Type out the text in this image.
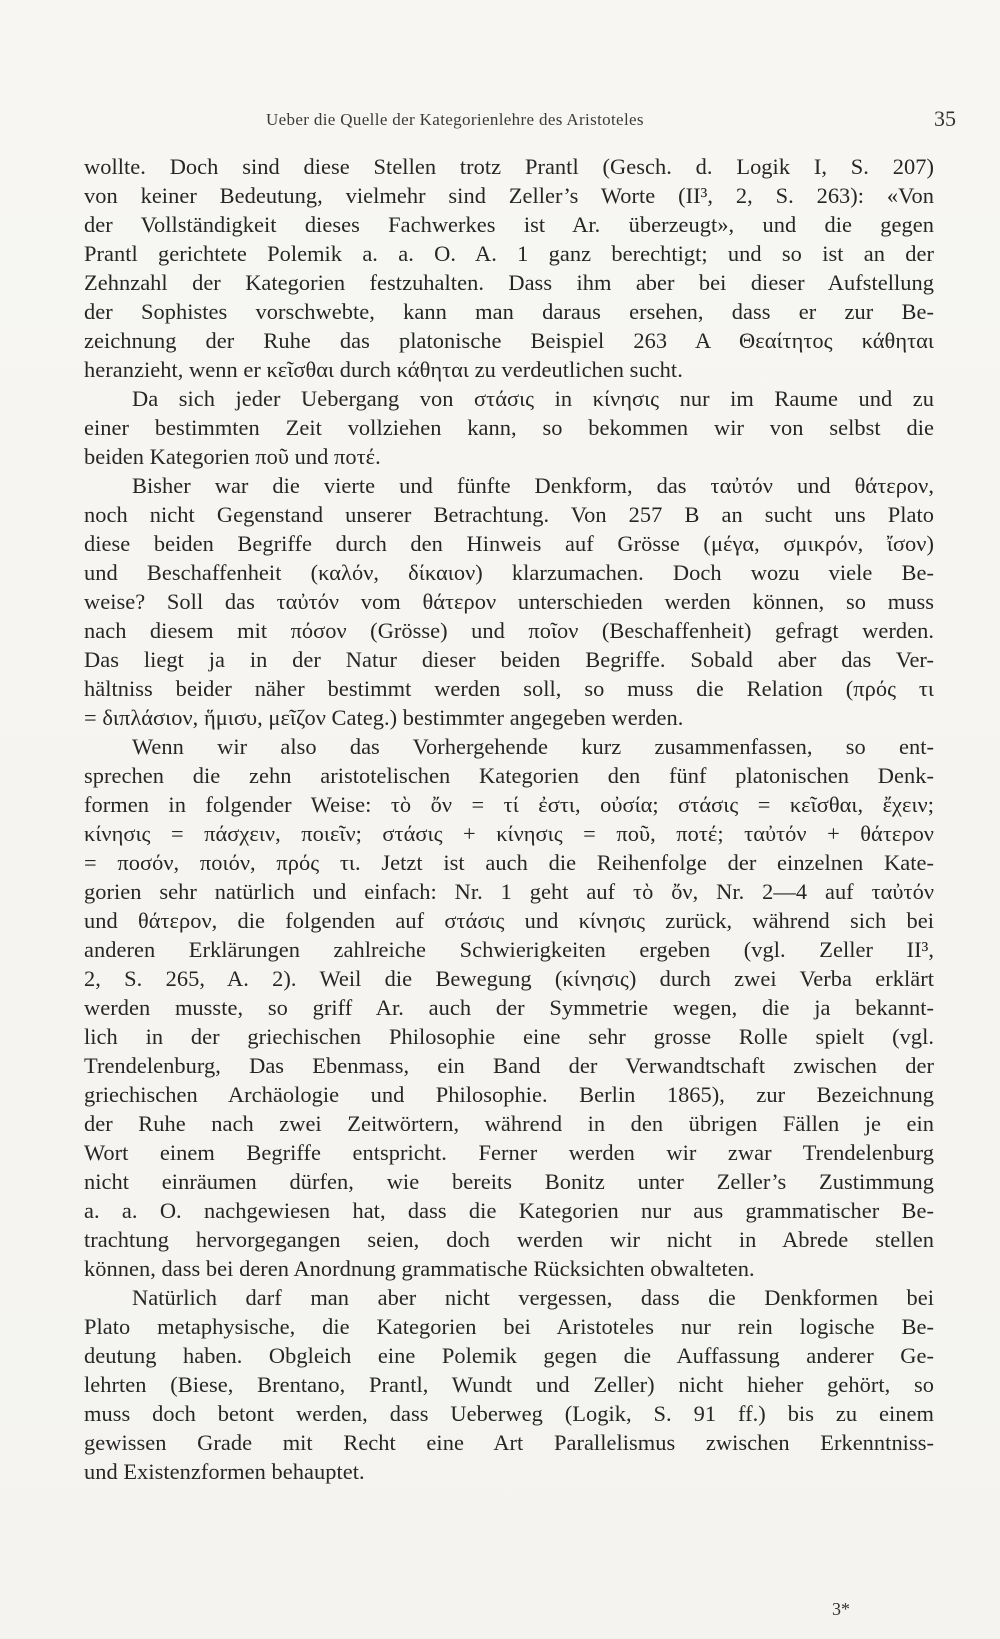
Ueber die Quelle der Kategorienlehre des Aristoteles	35
wollte. Doch sind diese Stellen trotz Prantl (Gesch. d. Logik I, S. 207)
von keiner Bedeutung, vielmehr sind Zeller’s Worte (II³, 2, S. 263): «Von
der Vollständigkeit dieses Fachwerkes ist Ar. überzeugt», und die gegen
Prantl gerichtete Polemik a. a. O. A. 1 ganz berechtigt; und so ist an der
Zehnzahl der Kategorien festzuhalten. Dass ihm aber bei dieser Aufstellung
der Sophistes vorschwebte, kann man daraus ersehen, dass er zur Be-
zeichnung der Ruhe das platonische Beispiel 263 A Θεαίτητος κάθηται
heranzieht, wenn er κεῖσθαι durch κάθηται zu verdeutlichen sucht.
Da sich jeder Uebergang von στάσις in κίνησις nur im Raume und zu
einer bestimmten Zeit vollziehen kann, so bekommen wir von selbst die
beiden Kategorien ποῦ und ποτέ.
Bisher war die vierte und fünfte Denkform, das ταὐτόν und θάτερον,
noch nicht Gegenstand unserer Betrachtung. Von 257 B an sucht uns Plato
diese beiden Begriffe durch den Hinweis auf Grösse (μέγα, σμικρόν, ἴσον)
und Beschaffenheit (καλόν, δίκαιον) klarzumachen. Doch wozu viele Be-
weise? Soll das ταὐτόν vom θάτερον unterschieden werden können, so muss
nach diesem mit πόσον (Grösse) und ποῖον (Beschaffenheit) gefragt werden.
Das liegt ja in der Natur dieser beiden Begriffe. Sobald aber das Ver-
hältniss beider näher bestimmt werden soll, so muss die Relation (πρός τι
= διπλάσιον, ἥμισυ, μεῖζον Categ.) bestimmter angegeben werden.
Wenn wir also das Vorhergehende kurz zusammenfassen, so ent-
sprechen die zehn aristotelischen Kategorien den fünf platonischen Denk-
formen in folgender Weise: τὸ ὄν = τί ἐστι, οὐσία; στάσις = κεῖσθαι, ἔχειν;
κίνησις = πάσχειν, ποιεῖν; στάσις + κίνησις = ποῦ, ποτέ; ταὐτόν + θάτερον
= ποσόν, ποιόν, πρός τι. Jetzt ist auch die Reihenfolge der einzelnen Kate-
gorien sehr natürlich und einfach: Nr. 1 geht auf τὸ ὄν, Nr. 2—4 auf ταὐτόν
und θάτερον, die folgenden auf στάσις und κίνησις zurück, während sich bei
anderen Erklärungen zahlreiche Schwierigkeiten ergeben (vgl. Zeller II³,
2, S. 265, A. 2). Weil die Bewegung (κίνησις) durch zwei Verba erklärt
werden musste, so griff Ar. auch der Symmetrie wegen, die ja bekannt-
lich in der griechischen Philosophie eine sehr grosse Rolle spielt (vgl.
Trendelenburg, Das Ebenmass, ein Band der Verwandtschaft zwischen der
griechischen Archäologie und Philosophie. Berlin 1865), zur Bezeichnung
der Ruhe nach zwei Zeitwörtern, während in den übrigen Fällen je ein
Wort einem Begriffe entspricht. Ferner werden wir zwar Trendelenburg
nicht einräumen dürfen, wie bereits Bonitz unter Zeller’s Zustimmung
a. a. O. nachgewiesen hat, dass die Kategorien nur aus grammatischer Be-
trachtung hervorgegangen seien, doch werden wir nicht in Abrede stellen
können, dass bei deren Anordnung grammatische Rücksichten obwalteten.
Natürlich darf man aber nicht vergessen, dass die Denkformen bei
Plato metaphysische, die Kategorien bei Aristoteles nur rein logische Be-
deutung haben. Obgleich eine Polemik gegen die Auffassung anderer Ge-
lehrten (Biese, Brentano, Prantl, Wundt und Zeller) nicht hieher gehört, so
muss doch betont werden, dass Ueberweg (Logik, S. 91 ff.) bis zu einem
gewissen Grade mit Recht eine Art Parallelismus zwischen Erkenntniss-
und Existenzformen behauptet.
3*
